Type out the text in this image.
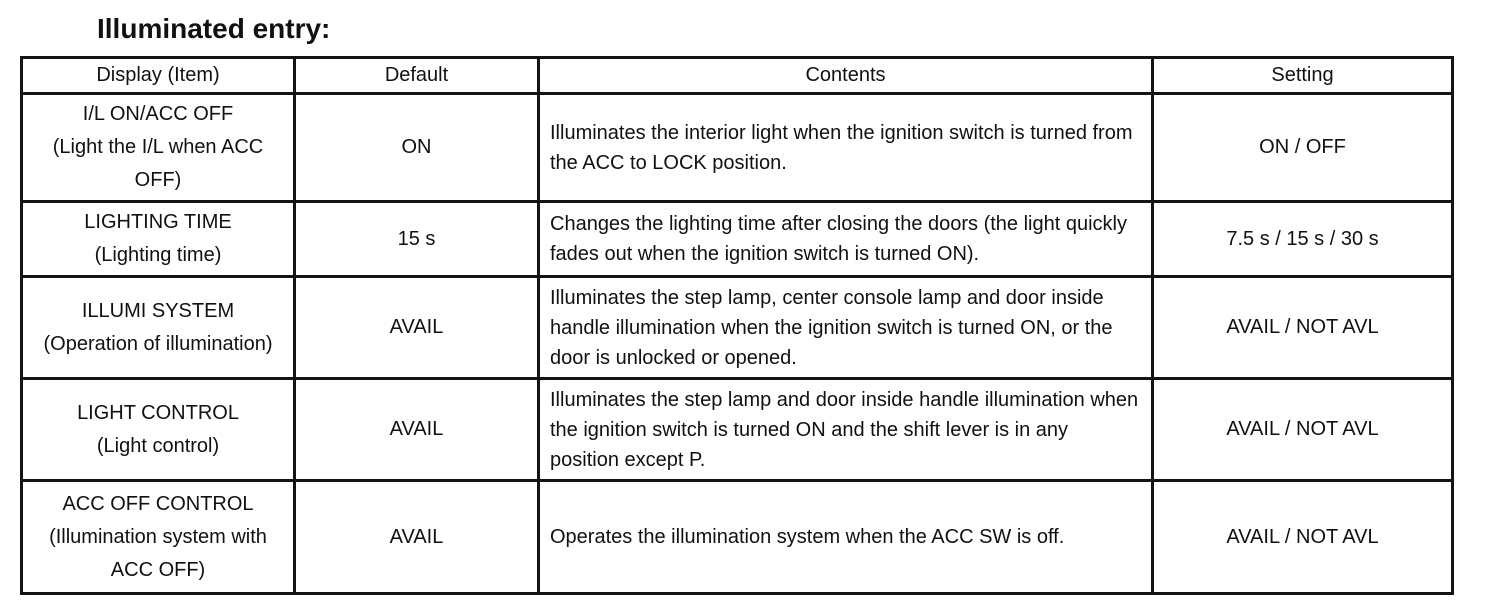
Illuminated entry:
Display (Item)	Default	Contents	Setting

I/L ON/ACC OFF
(Light the I/L when ACC OFF)	ON	Illuminates the interior light when the ignition switch is turned from the ACC to LOCK position.	ON / OFF

LIGHTING TIME
(Lighting time)	15 s	Changes the lighting time after closing the doors (the light quickly fades out when the ignition switch is turned ON).	7.5 s / 15 s / 30 s

ILLUMI SYSTEM
(Operation of illumination)	AVAIL	Illuminates the step lamp, center console lamp and door inside handle illumination when the ignition switch is turned ON, or the door is unlocked or opened.	AVAIL / NOT AVL

LIGHT CONTROL
(Light control)	AVAIL	Illuminates the step lamp and door inside handle illumination when the ignition switch is turned ON and the shift lever is in any position except P.	AVAIL / NOT AVL

ACC OFF CONTROL
(Illumination system with ACC OFF)	AVAIL	Operates the illumination system when the ACC SW is off.	AVAIL / NOT AVL
